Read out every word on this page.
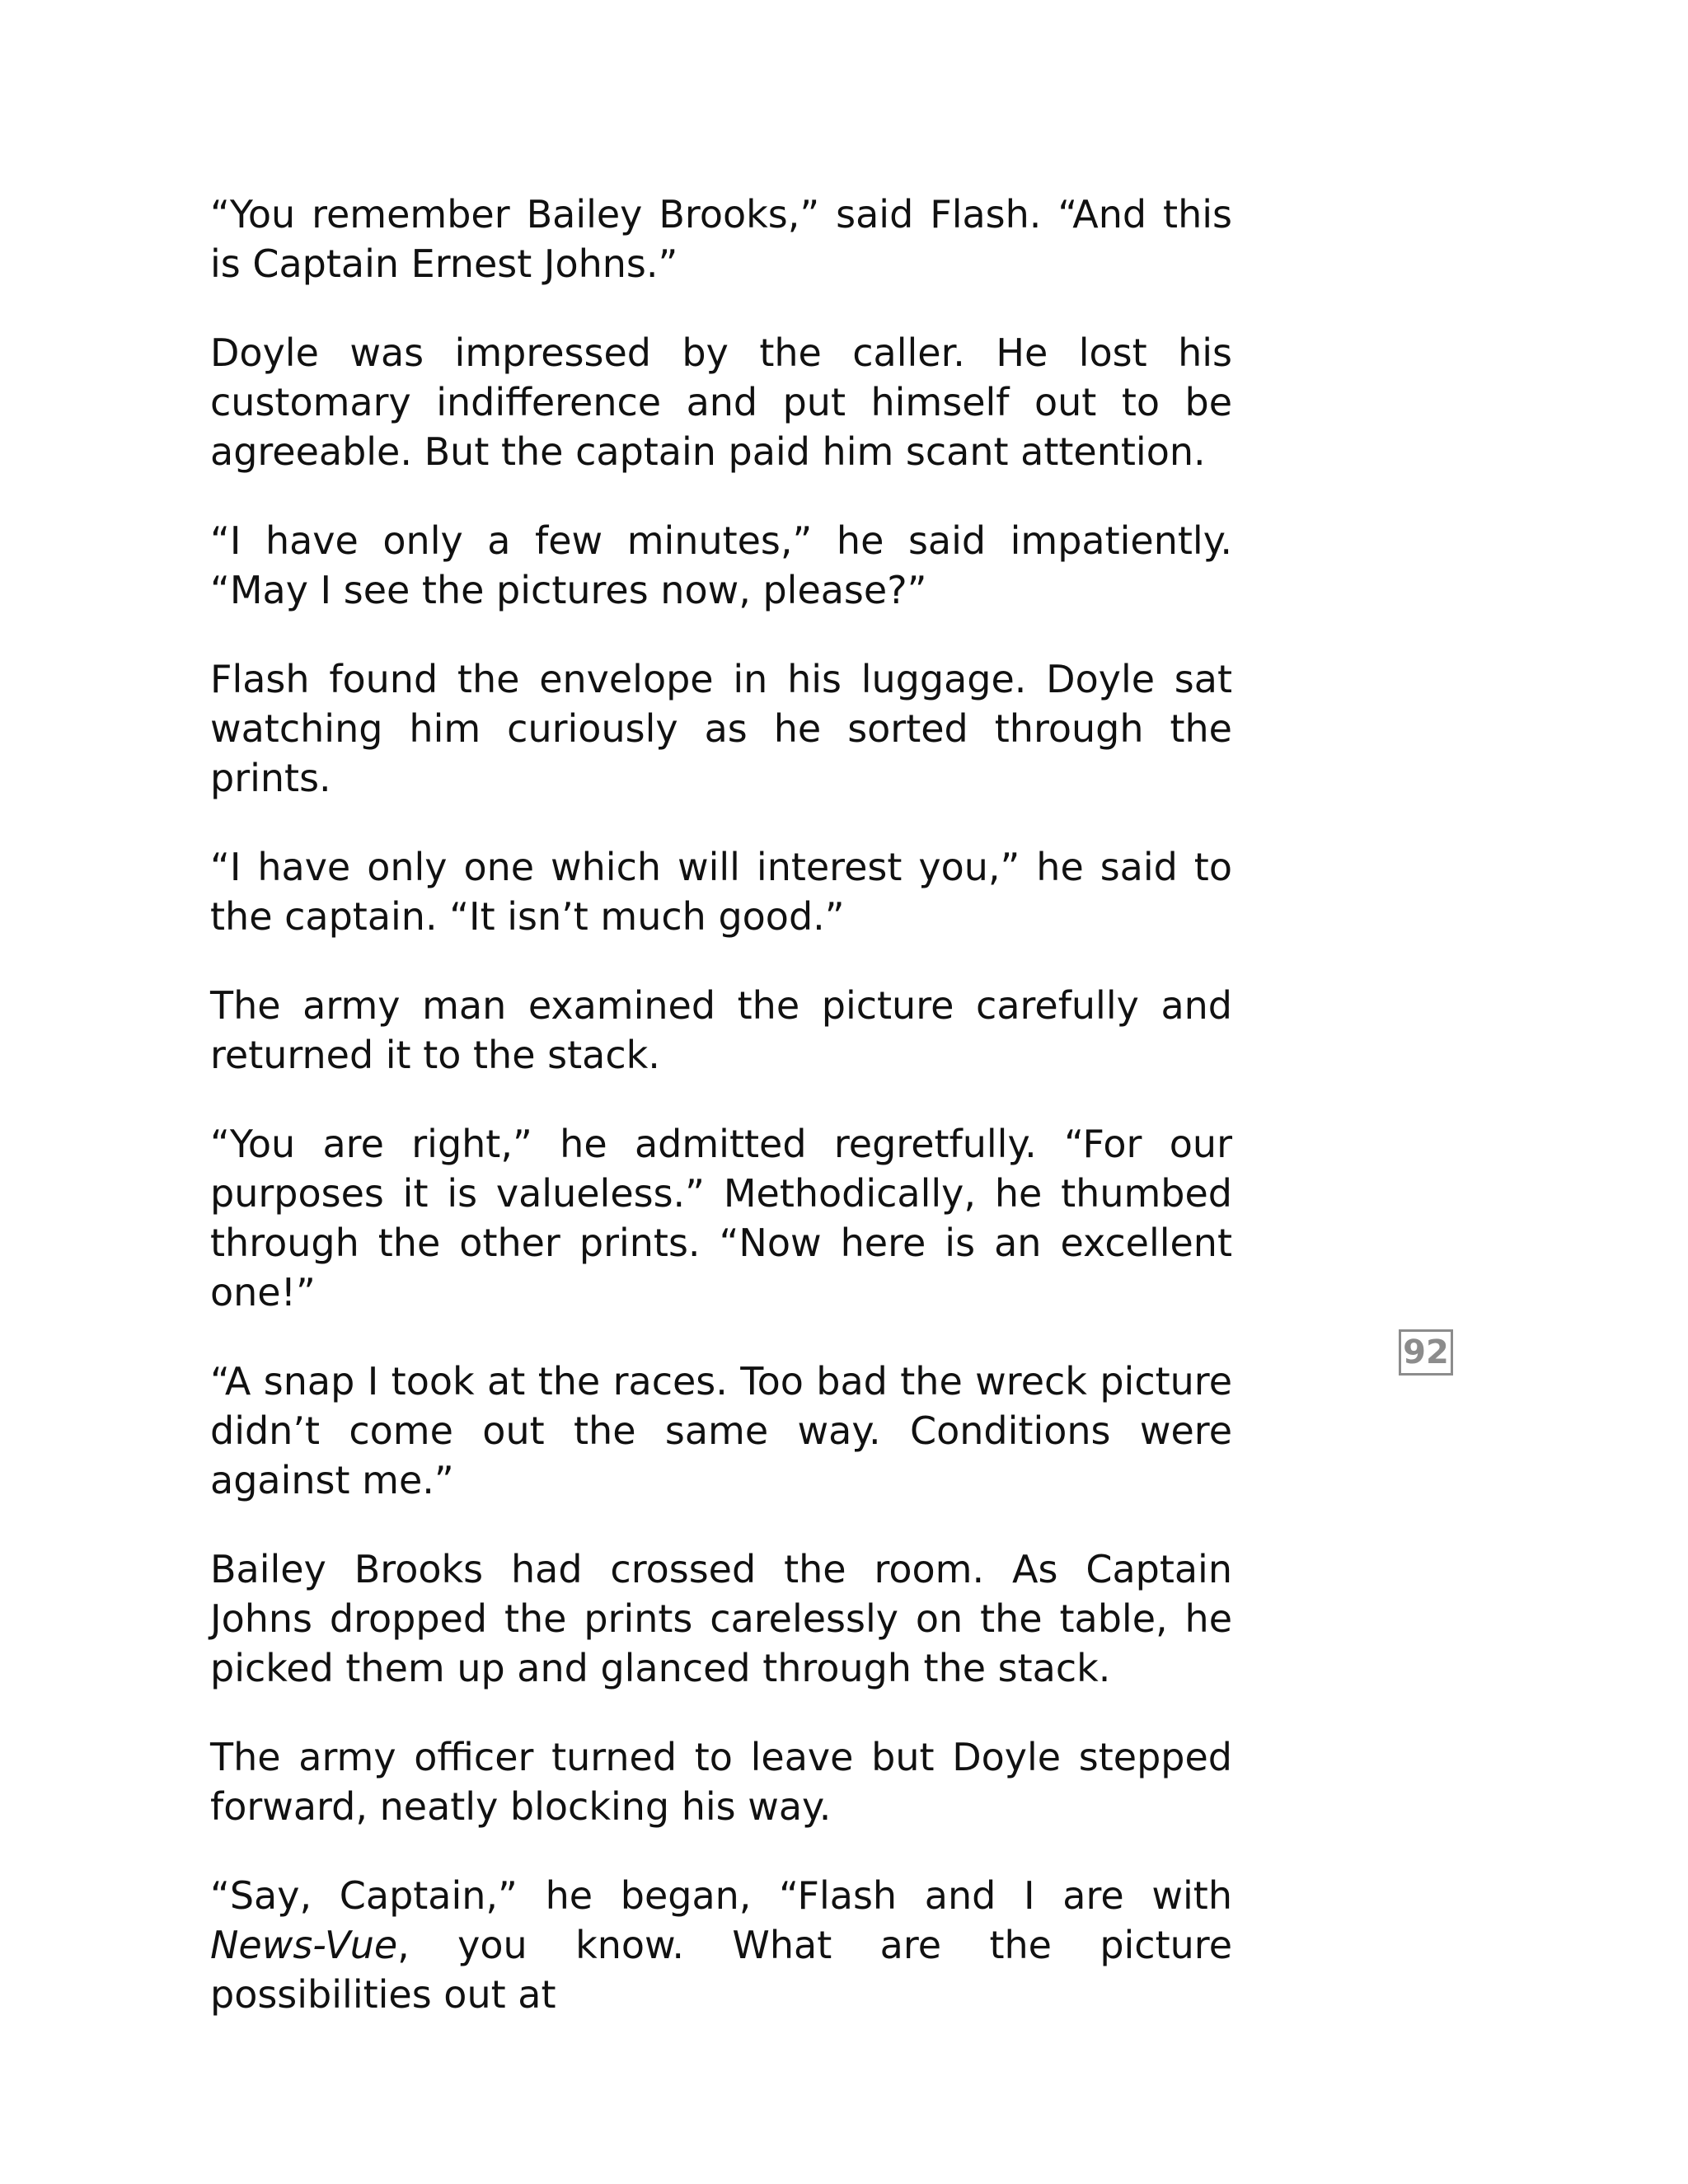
“You remember Bailey Brooks,” said Flash. “And this is Captain Ernest Johns.”

Doyle was impressed by the caller. He lost his customary indifference and put himself out to be agreeable. But the captain paid him scant attention.

“I have only a few minutes,” he said impatiently. “May I see the pictures now, please?”

Flash found the envelope in his luggage. Doyle sat watching him curiously as he sorted through the prints.

“I have only one which will interest you,” he said to the captain. “It isn’t much good.”

The army man examined the picture carefully and returned it to the stack.

“You are right,” he admitted regretfully. “For our purposes it is valueless.” Methodically, he thumbed through the other prints. “Now here is an excellent one!”

“A snap I took at the races. Too bad the wreck picture didn’t come out the same way. Conditions were against me.”

Bailey Brooks had crossed the room. As Captain Johns dropped the prints carelessly on the table, he picked them up and glanced through the stack.

The army officer turned to leave but Doyle stepped forward, neatly blocking his way.

“Say, Captain,” he began, “Flash and I are with News-Vue, you know. What are the picture possibilities out at

92
